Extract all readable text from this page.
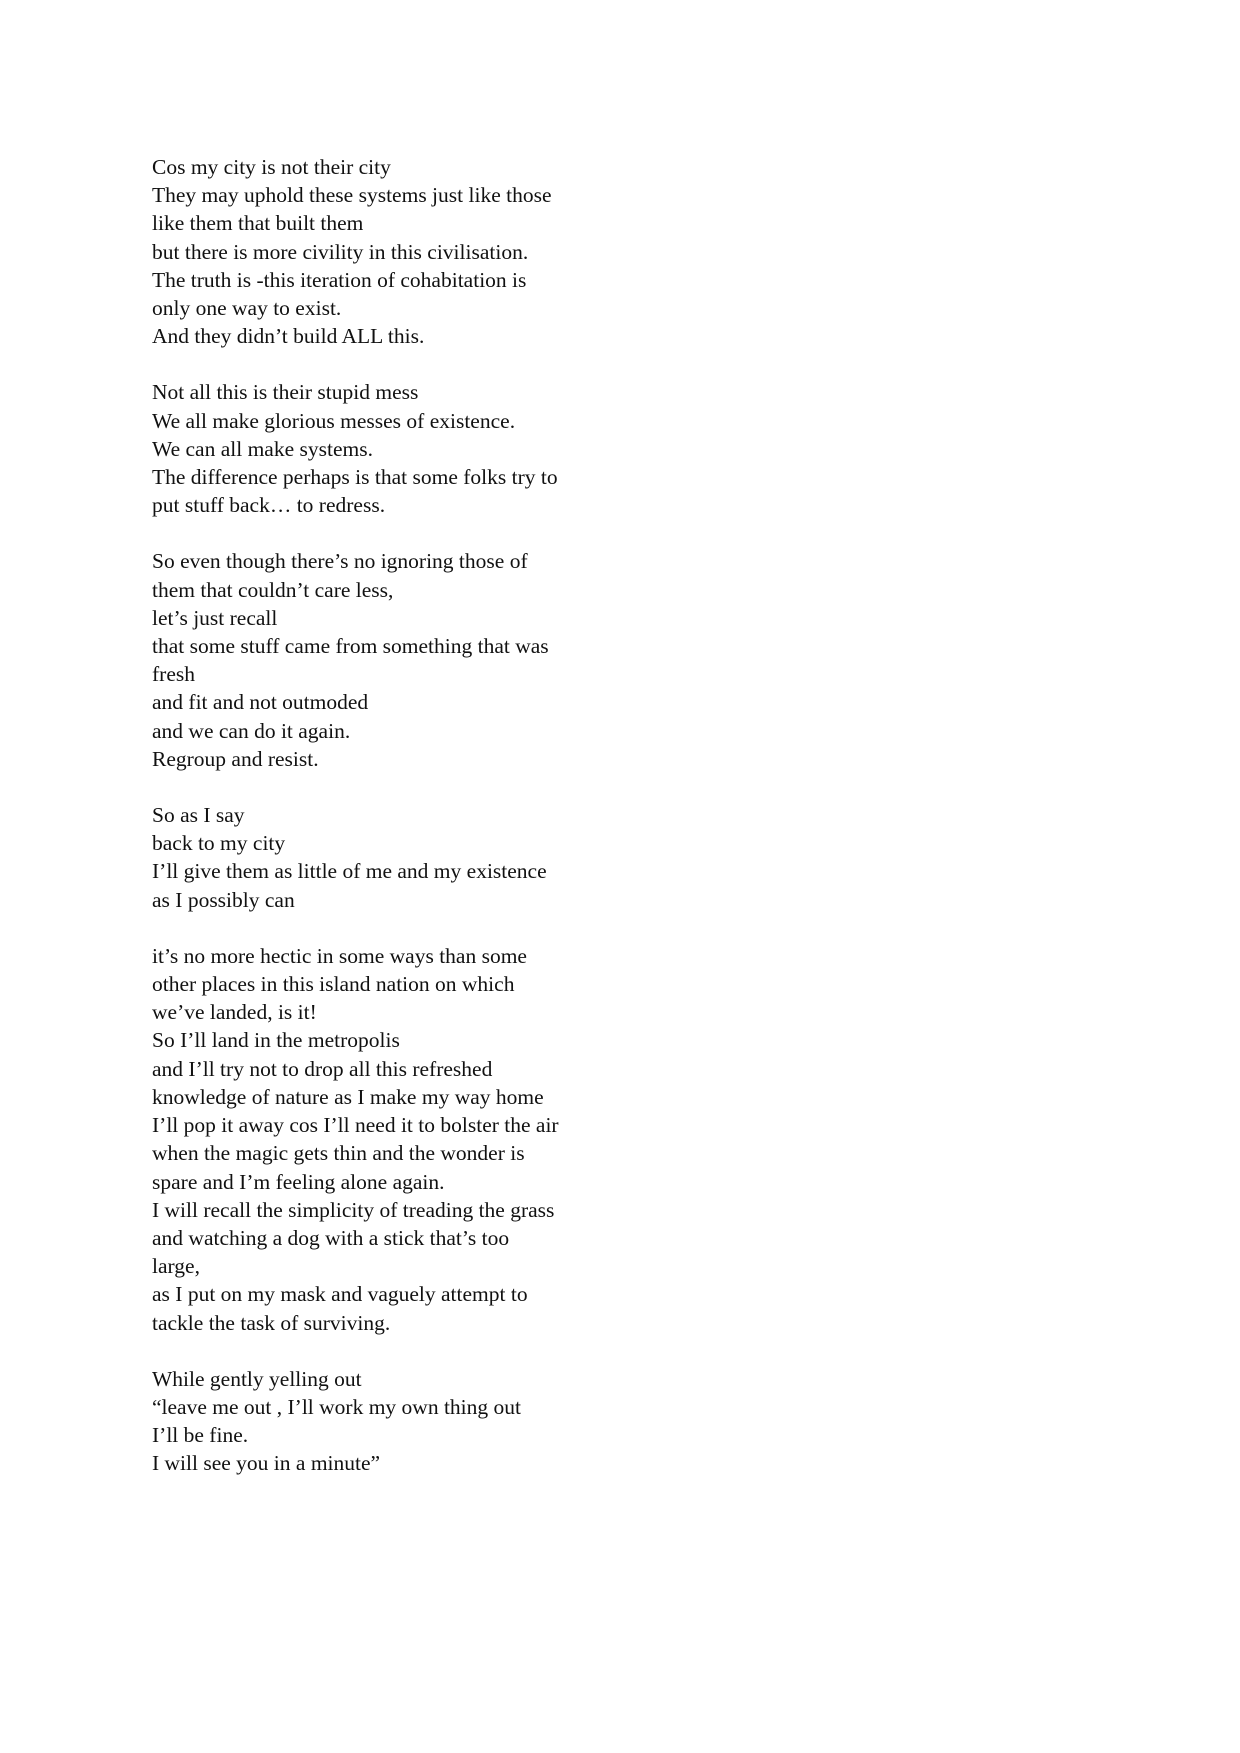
Cos my city is not their city
They may uphold these systems just like those
like them that built them
but there is more civility in this civilisation.
The truth is -this iteration of cohabitation is
only one way to exist.
And they didn’t build ALL this.
Not all this is their stupid mess
We all make glorious messes of existence.
We can all make systems.
The difference perhaps is that some folks try to
put stuff back… to redress.
So even though there’s no ignoring those of
them that couldn’t care less,
let’s just recall
that some stuff came from something that was
fresh
and fit and not outmoded
and we can do it again.
Regroup and resist.
So as I say
back to my city
I’ll give them as little of me and my existence
as I possibly can
it’s no more hectic in some ways than some
other places in this island nation on which
we’ve landed, is it!
So I’ll land in the metropolis
and I’ll try not to drop all this refreshed
knowledge of nature as I make my way home
I’ll pop it away cos I’ll need it to bolster the air
when the magic gets thin and the wonder is
spare and I’m feeling alone again.
I will recall the simplicity of treading the grass
and watching a dog with a stick that’s too
large,
as I put on my mask and vaguely attempt to
tackle the task of surviving.
While gently yelling out
“leave me out , I’ll work my own thing out
I’ll be fine.
I will see you in a minute”
